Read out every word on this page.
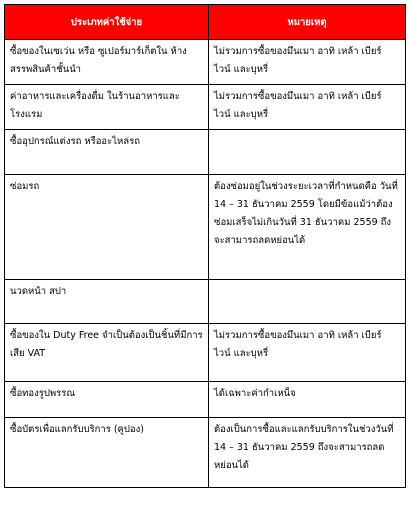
ประเภทค่าใช้จ่าย	หมายเหตุ

ซื้อของในเซเว่น หรือ ซูเปอร์มาร์เก็ตใน ห้างสรรพสินค้าชั้นนำ	ไม่รวมการซื้อของมึนเมา อาทิ เหล้า เบียร์ ไวน์ และบุหรี่

ค่าอาหารและเครื่องดื่ม ในร้านอาหารและโรงแรม	ไม่รวมการซื้อของมึนเมา อาทิ เหล้า เบียร์ ไวน์ และบุหรี่

ซื้ออุปกรณ์แต่งรถ หรืออะไหล่รถ	

ซ่อมรถ	ต้องซ่อมอยู่ในช่วงระยะเวลาที่กำหนดคือ วันที่ 14 – 31 ธันวาคม 2559 โดยมีข้อแม้ว่าต้องซ่อมเสร็จไม่เกินวันที่ 31 ธันวาคม 2559 ถึงจะสามารถลดหย่อนได้

นวดหน้า สปา	

ซื้อของใน Duty Free จำเป็นต้องเป็นชิ้นที่มีการเสีย VAT	ไม่รวมการซื้อของมึนเมา อาทิ เหล้า เบียร์ ไวน์ และบุหรี่

ซื้อทองรูปพรรณ	ได้เฉพาะค่ากำเหน็จ

ซื้อบัตรเพื่อแลกรับบริการ (คูปอง)	ต้องเป็นการซื้อและแลกรับบริการในช่วงวันที่ 14 – 31 ธันวาคม 2559 ถึงจะสามารถลดหย่อนได้
